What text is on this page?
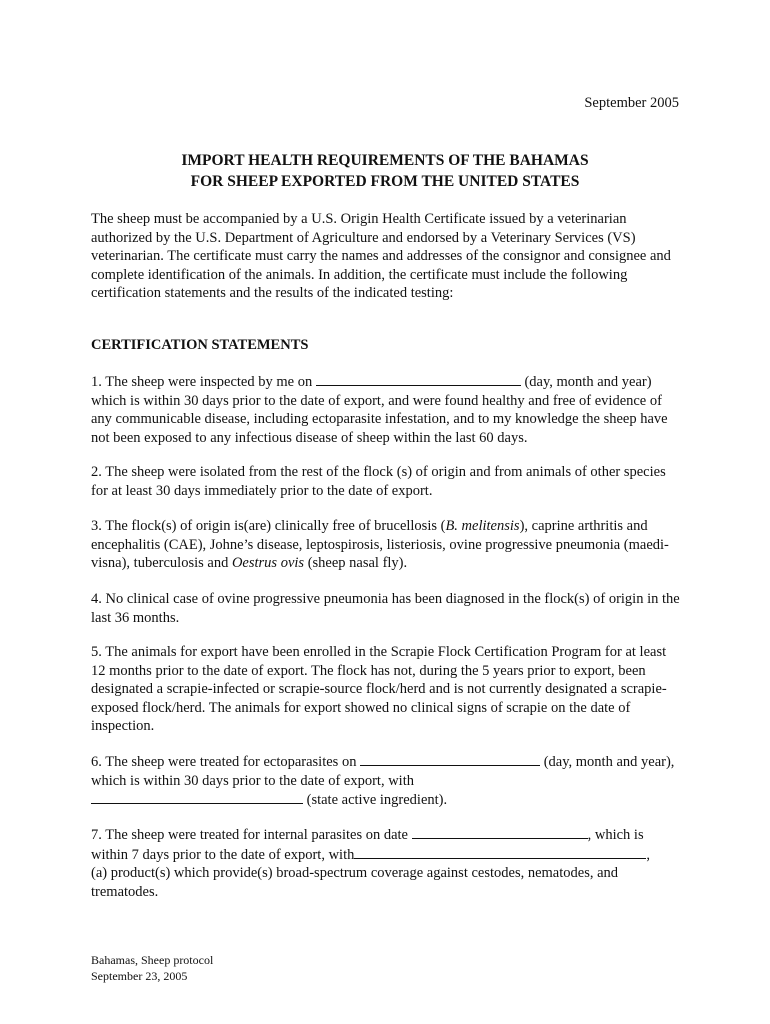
September 2005
IMPORT HEALTH REQUIREMENTS OF THE BAHAMAS
FOR SHEEP EXPORTED FROM THE UNITED STATES

The sheep must be accompanied by a U.S. Origin Health Certificate issued by a veterinarian authorized by the U.S. Department of Agriculture and endorsed by a Veterinary Services (VS) veterinarian. The certificate must carry the names and addresses of the consignor and consignee and complete identification of the animals. In addition, the certificate must include the following certification statements and the results of the indicated testing:

CERTIFICATION STATEMENTS

1. The sheep were inspected by me on	(day, month and year) which is within 30 days prior to the date of export, and were found healthy and free of evidence of any communicable disease, including ectoparasite infestation, and to my knowledge the sheep have not been exposed to any infectious disease of sheep within the last 60 days.

2. The sheep were isolated from the rest of the flock (s) of origin and from animals of other species for at least 30 days immediately prior to the date of export.

3. The flock(s) of origin is(are) clinically free of brucellosis (B. melitensis), caprine arthritis and encephalitis (CAE), Johne’s disease, leptospirosis, listeriosis, ovine progressive pneumonia (maedi-visna), tuberculosis and Oestrus ovis (sheep nasal fly).

4. No clinical case of ovine progressive pneumonia has been diagnosed in the flock(s) of origin in the last 36 months.

5. The animals for export have been enrolled in the Scrapie Flock Certification Program for at least 12 months prior to the date of export. The flock has not, during the 5 years prior to export, been designated a scrapie-infected or scrapie-source flock/herd and is not currently designated a scrapie-exposed flock/herd. The animals for export showed no clinical signs of scrapie on the date of inspection.

6. The sheep were treated for ectoparasites on	(day, month and year), which is within 30 days prior to the date of export, with
(state active ingredient).

7. The sheep were treated for internal parasites on date	, which is within 7 days prior to the date of export, with	,
(a) product(s) which provide(s) broad-spectrum coverage against cestodes, nematodes, and trematodes.

Bahamas, Sheep protocol
September 23, 2005
